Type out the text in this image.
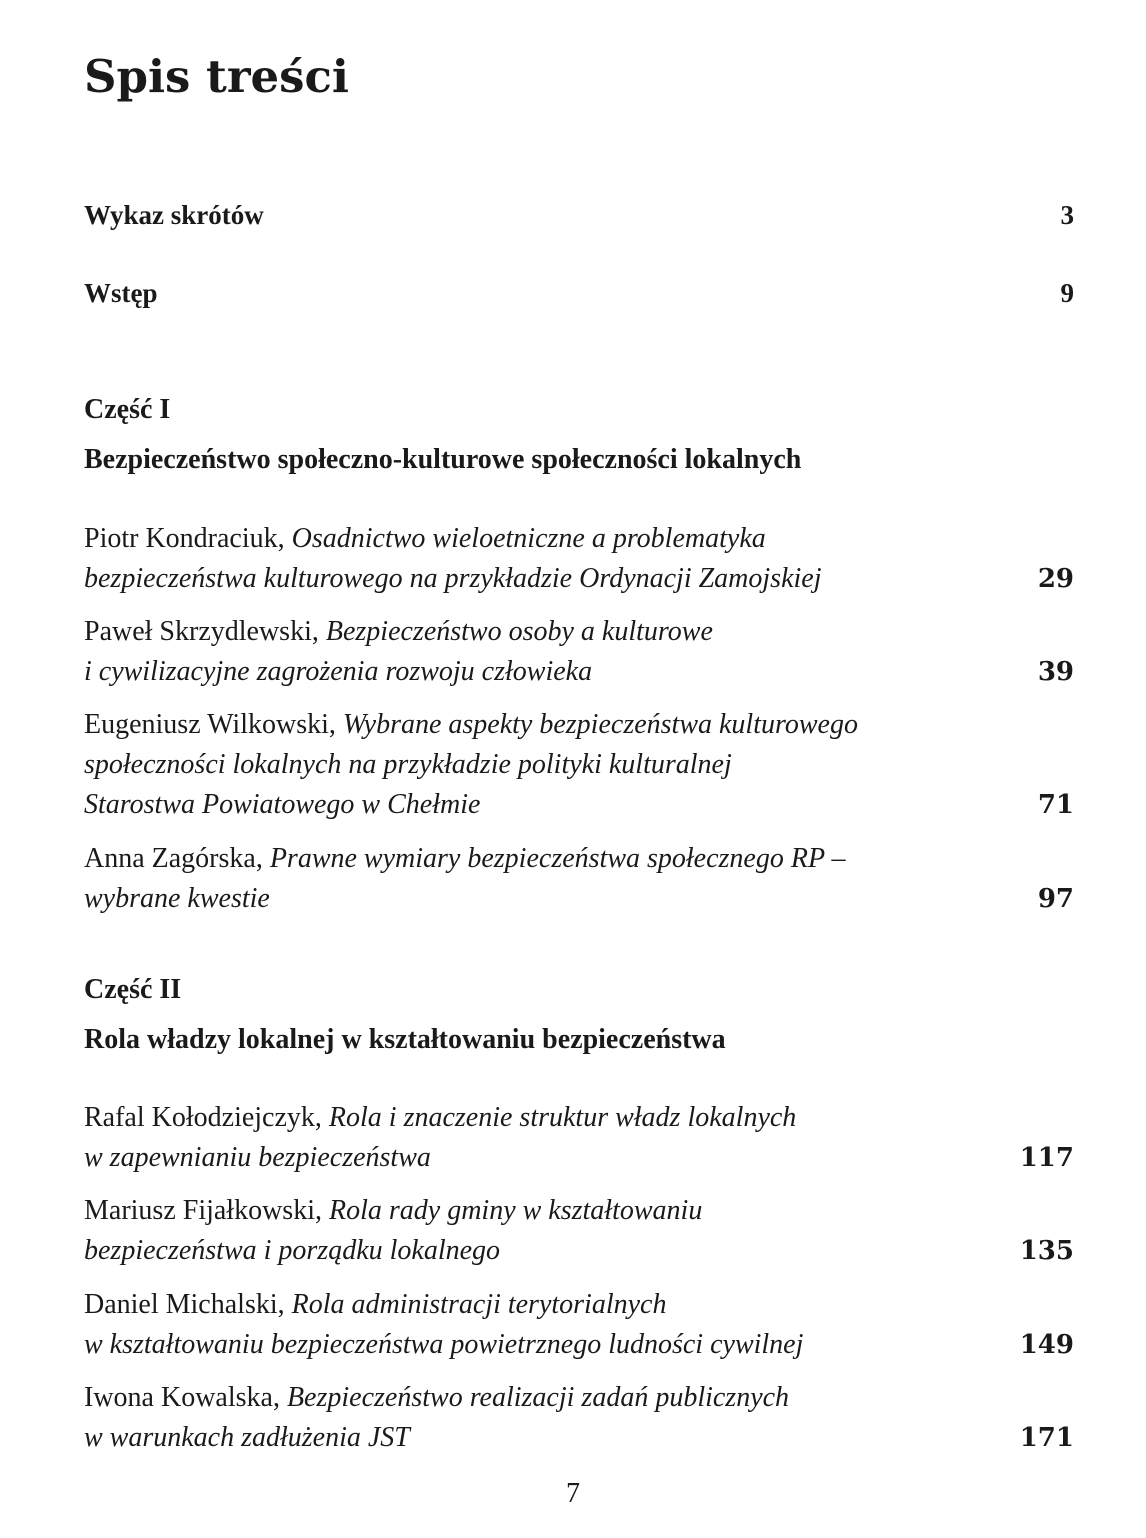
Spis treści
Wykaz skrótów	3
Wstęp	9
Część I
Bezpieczeństwo społeczno-kulturowe społeczności lokalnych
Piotr Kondraciuk, Osadnictwo wieloetniczne a problematyka
bezpieczeństwa kulturowego na przykładzie Ordynacji Zamojskiej	29
Paweł Skrzydlewski, Bezpieczeństwo osoby a kulturowe
i cywilizacyjne zagrożenia rozwoju człowieka	39
Eugeniusz Wilkowski, Wybrane aspekty bezpieczeństwa kulturowego
społeczności lokalnych na przykładzie polityki kulturalnej
Starostwa Powiatowego w Chełmie	71
Anna Zagórska, Prawne wymiary bezpieczeństwa społecznego RP –
wybrane kwestie	97
Część II
Rola władzy lokalnej w kształtowaniu bezpieczeństwa
Rafal Kołodziejczyk, Rola i znaczenie struktur władz lokalnych
w zapewnianiu bezpieczeństwa	117
Mariusz Fijałkowski, Rola rady gminy w kształtowaniu
bezpieczeństwa i porządku lokalnego	135
Daniel Michalski, Rola administracji terytorialnych
w kształtowaniu bezpieczeństwa powietrznego ludności cywilnej	149
Iwona Kowalska, Bezpieczeństwo realizacji zadań publicznych
w warunkach zadłużenia JST	171
7
